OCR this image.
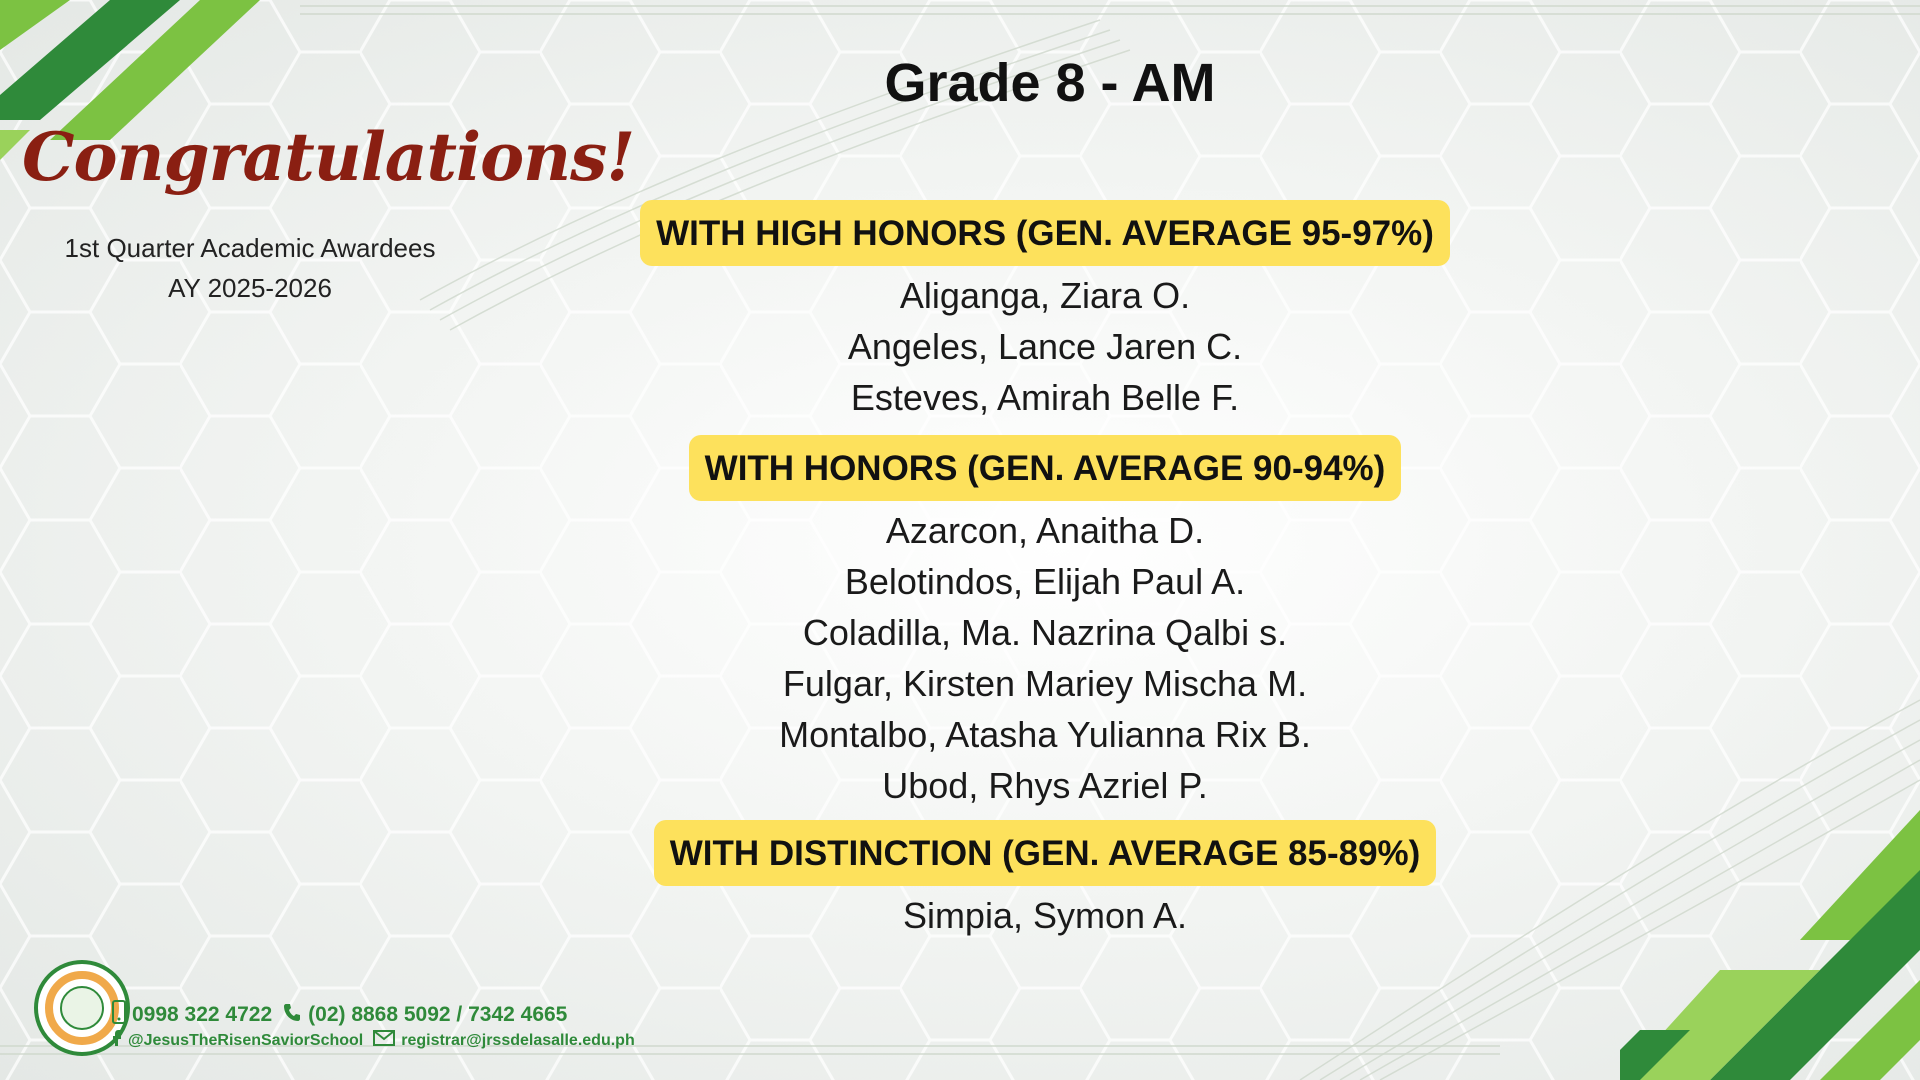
Congratulations!
1st Quarter Academic Awardees
AY 2025-2026
Grade 8 - AM
WITH HIGH HONORS (GEN. AVERAGE 95-97%)
Aliganga, Ziara O.
Angeles, Lance Jaren C.
Esteves, Amirah Belle F.
WITH HONORS (GEN. AVERAGE 90-94%)
Azarcon, Anaitha D.
Belotindos, Elijah Paul A.
Coladilla, Ma. Nazrina Qalbi s.
Fulgar, Kirsten Mariey Mischa M.
Montalbo, Atasha Yulianna Rix B.
Ubod, Rhys Azriel P.
WITH DISTINCTION (GEN. AVERAGE 85-89%)
Simpia, Symon A.
0998 322 4722 (02) 8868 5092 / 7342 4665
@JesusTheRisenSaviorSchool registrar@jrssdelasalle.edu.ph
